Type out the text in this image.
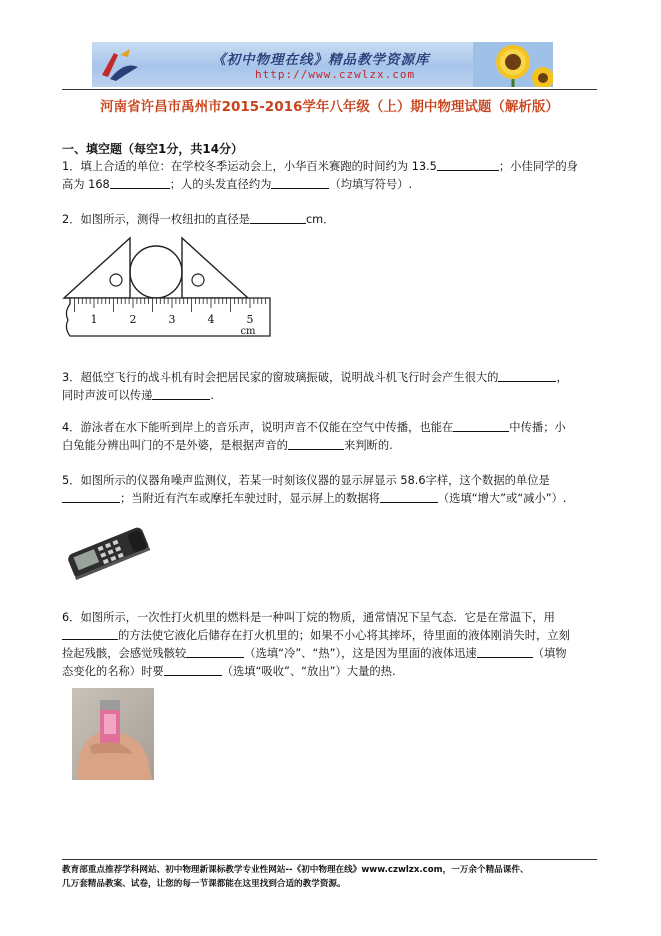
《初中物理在线》精品教学资源库
http://www.czwlzx.com
河南省许昌市禹州市2015-2016学年八年级（上）期中物理试题（解析版）
一、填空题（每空1分，共14分）
1．填上合适的单位：在学校冬季运动会上，小华百米赛跑的时间约为 13.5	；小佳同学的身
高为 168	；人的头发直径约为	（均填写符号）.
2．如图所示，测得一枚纽扣的直径是	cm．
1	2	3	4	5
cm
3．超低空飞行的战斗机有时会把居民家的窗玻璃振破，说明战斗机飞行时会产生很大的	，
同时声波可以传递	.
4．游泳者在水下能听到岸上的音乐声，说明声音不仅能在空气中传播，也能在	中传播；小
白兔能分辨出叫门的不是外婆，是根据声音的	来判断的.
5．如图所示的仪器角噪声监测仪，若某一时刻该仪器的显示屏显示 58.6字样，这个数据的单位是
；当附近有汽车或摩托车驶过时，显示屏上的数据将	（选填“增大”或“减小”）.
6．如图所示，一次性打火机里的燃料是一种叫丁烷的物质，通常情况下呈气态．它是在常温下，用
的方法使它液化后储存在打火机里的；如果不小心将其摔坏，待里面的液体刚消失时，立刻
捡起残骸，会感觉残骸较	（选填“冷”、“热”），这是因为里面的液体迅速	（填物
态变化的名称）时要	（选填“吸收”、“放出”）大量的热.
教育部重点推荐学科网站、初中物理新课标教学专业性网站--《初中物理在线》www.czwlzx.com，一万余个精品课件、
几万套精品教案、试卷，让您的每一节课都能在这里找到合适的教学资源。
